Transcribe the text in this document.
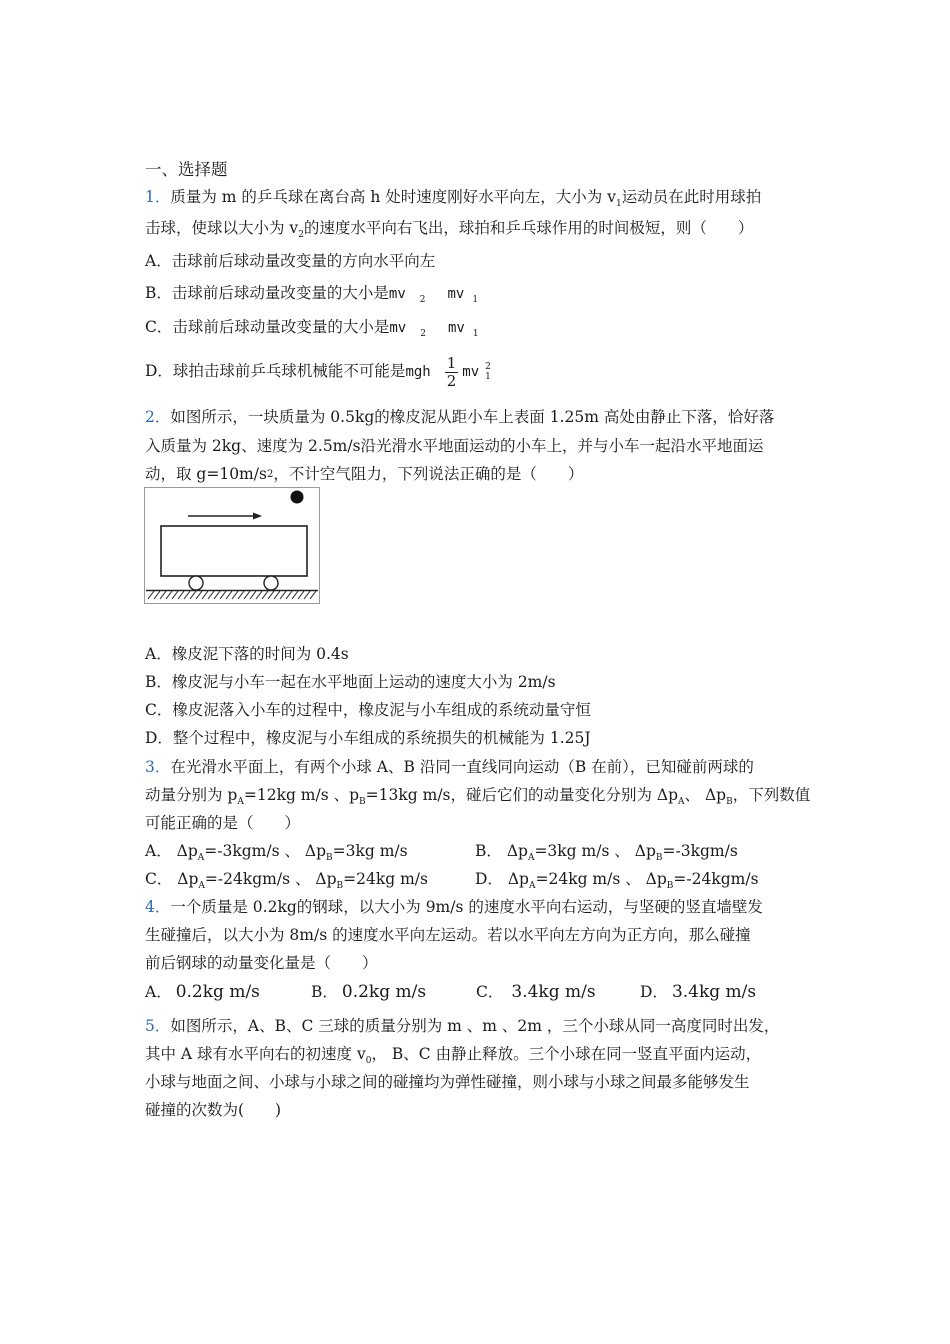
一、选择题
1．质量为 m 的乒乓球在离台高 h 处时速度刚好水平向左，大小为 $v_1$运动员在此时用球拍
击球，使球以大小为 $v_2$的速度水平向右飞出，球拍和乒乓球作用的时间极短，则（　　）
A．击球前后球动量改变量的方向水平向左
B．击球前后球动量改变量的大小是mv 2 mv 1
C．击球前后球动量改变量的大小是mv 2 mv 1
D．球拍击球前乒乓球机械能不可能是mgh $\frac{1}{2}$ mv 2
1
2．如图所示，一块质量为 0.5kg的橡皮泥从距小车上表面 1.25m 高处由静止下落，恰好落
入质量为 2kg、速度为 2.5m/s沿光滑水平地面运动的小车上，并与小车一起沿水平地面运
动，取 g=10m/s2，不计空气阻力，下列说法正确的是（　　）
A．橡皮泥下落的时间为 0.4s
B．橡皮泥与小车一起在水平地面上运动的速度大小为 2m/s
C．橡皮泥落入小车的过程中，橡皮泥与小车组成的系统动量守恒
D．整个过程中，橡皮泥与小车组成的系统损失的机械能为 1.25J
3．在光滑水平面上，有两个小球 A、B 沿同一直线同向运动（B 在前），已知碰前两球的
动量分别为 $p_A=12kg$ m/s 、$p_B=13kg$ m/s，碰后它们的动量变化分别为 $\Delta p_A$、 $\Delta p_B$，下列数值
可能正确的是（　　）
A． $\Delta p_A=-3kgm/s$ 、 $\Delta p_B=3kg$ m/s	B． $\Delta p_A=3kg$ m/s 、 $\Delta p_B=-3kgm/s$
C． $\Delta p_A=-24kgm/s$ 、 $\Delta p_B=24kg$ m/s	D． $\Delta p_A=24kg$ m/s 、 $\Delta p_B=-24kgm/s$
4．一个质量是 0.2kg的钢球，以大小为 9m/s 的速度水平向右运动，与坚硬的竖直墙壁发
生碰撞后，以大小为 8m/s 的速度水平向左运动。若以水平向左方向为正方向，那么碰撞
前后钢球的动量变化量是（　　）
A． 0.2kg m/s	B． 0.2kg m/s	C． 3.4kg m/s	D． 3.4kg m/s
5．如图所示，A、B、C 三球的质量分别为 m 、m 、2m ，三个小球从同一高度同时出发，
其中 A 球有水平向右的初速度 $v_0$， B、C 由静止释放。三个小球在同一竖直平面内运动，
小球与地面之间、小球与小球之间的碰撞均为弹性碰撞，则小球与小球之间最多能够发生
碰撞的次数为(　　)
